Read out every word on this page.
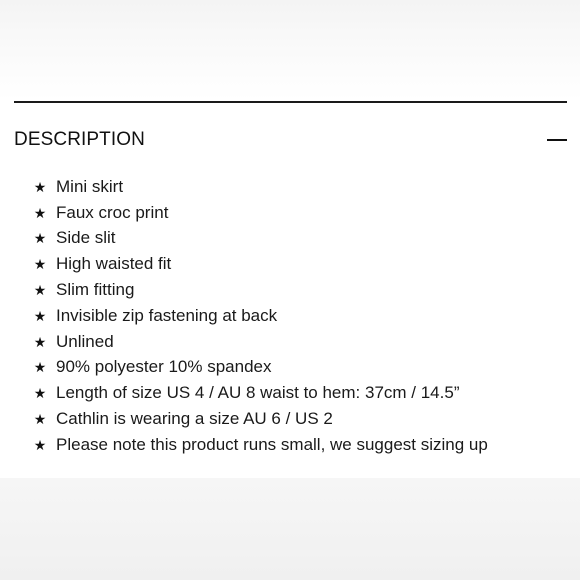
DESCRIPTION
★ Mini skirt
★ Faux croc print
★ Side slit
★ High waisted fit
★ Slim fitting
★ Invisible zip fastening at back
★ Unlined
★ 90% polyester 10% spandex
★ Length of size US 4 / AU 8 waist to hem: 37cm / 14.5”
★ Cathlin is wearing a size AU 6 / US 2
★ Please note this product runs small, we suggest sizing up
